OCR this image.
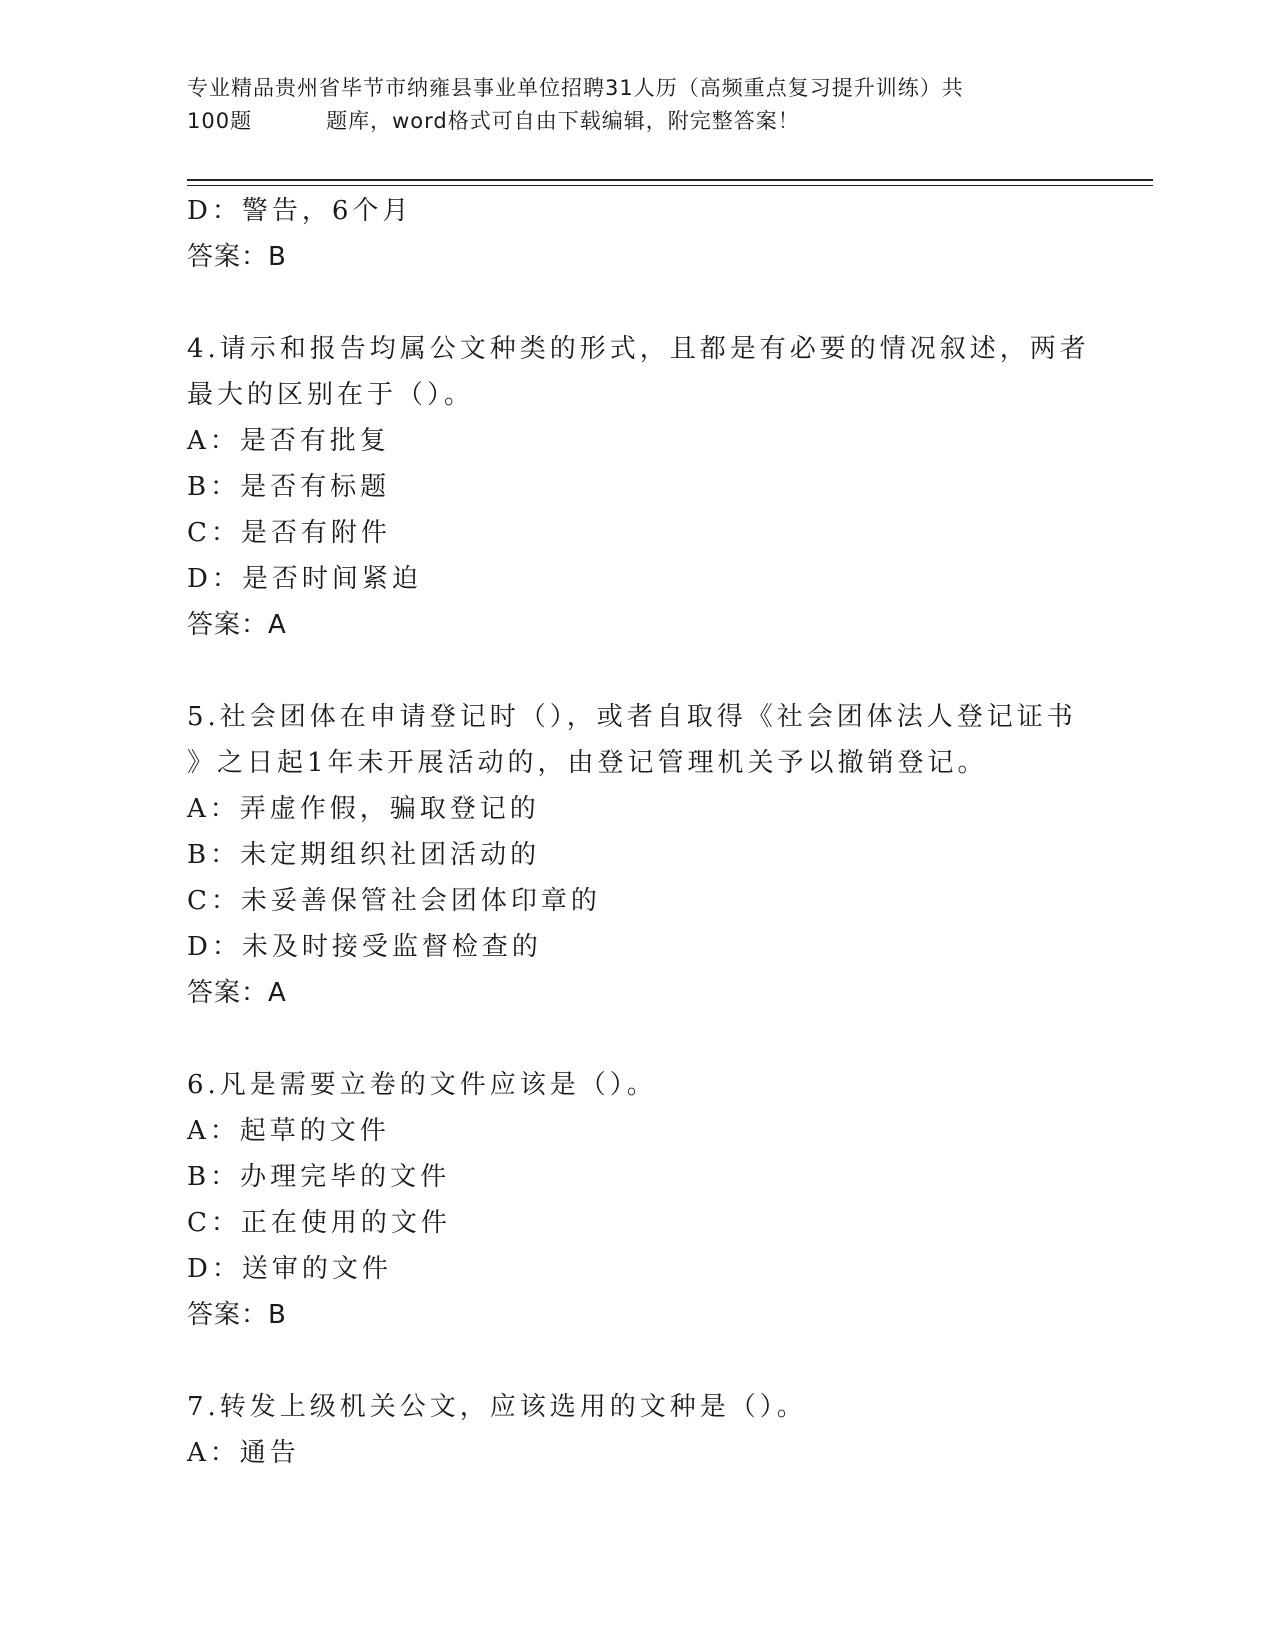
专业精品贵州省毕节市纳雍县事业单位招聘31人历（高频重点复习提升训练）共
100题	题库，word格式可自由下载编辑，附完整答案！
D：警告，6个月
答案：B
4.请示和报告均属公文种类的形式，且都是有必要的情况叙述，两者
最大的区别在于（）。
A：是否有批复
B：是否有标题
C：是否有附件
D：是否时间紧迫
答案：A
5.社会团体在申请登记时（），或者自取得《社会团体法人登记证书
》之日起1年未开展活动的，由登记管理机关予以撤销登记。
A：弄虚作假，骗取登记的
B：未定期组织社团活动的
C：未妥善保管社会团体印章的
D：未及时接受监督检查的
答案：A
6.凡是需要立卷的文件应该是（）。
A：起草的文件
B：办理完毕的文件
C：正在使用的文件
D：送审的文件
答案：B
7.转发上级机关公文，应该选用的文种是（）。
A：通告
